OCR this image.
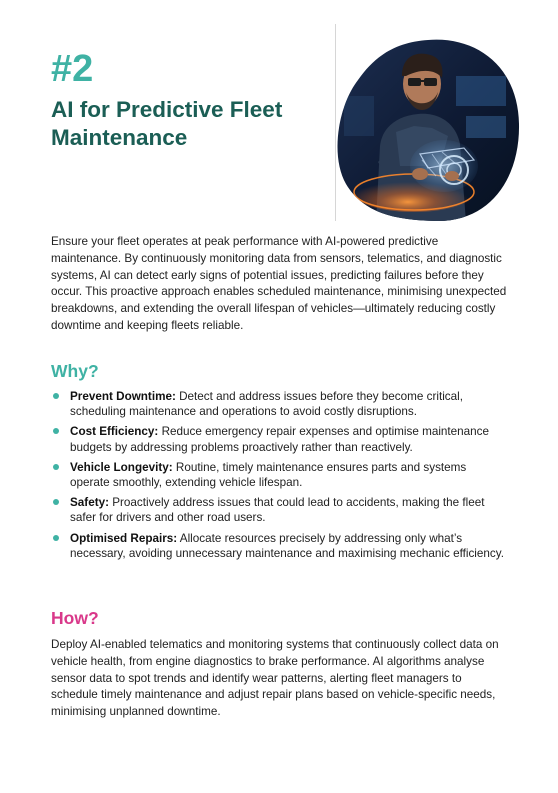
#2
AI for Predictive Fleet Maintenance

Ensure your fleet operates at peak performance with AI-powered predictive maintenance. By continuously monitoring data from sensors, telematics, and diagnostic systems, AI can detect early signs of potential issues, predicting failures before they occur. This proactive approach enables scheduled maintenance, minimising unexpected breakdowns, and extending the overall lifespan of vehicles—ultimately reducing costly downtime and keeping fleets reliable.

Why?
Prevent Downtime: Detect and address issues before they become critical, scheduling maintenance and operations to avoid costly disruptions.
Cost Efficiency: Reduce emergency repair expenses and optimise maintenance budgets by addressing problems proactively rather than reactively.
Vehicle Longevity: Routine, timely maintenance ensures parts and systems operate smoothly, extending vehicle lifespan.
Safety: Proactively address issues that could lead to accidents, making the fleet safer for drivers and other road users.
Optimised Repairs: Allocate resources precisely by addressing only what’s necessary, avoiding unnecessary maintenance and maximising mechanic efficiency.
How?

Deploy AI-enabled telematics and monitoring systems that continuously collect data on vehicle health, from engine diagnostics to brake performance. AI algorithms analyse sensor data to spot trends and identify wear patterns, alerting fleet managers to schedule timely maintenance and adjust repair plans based on vehicle-specific needs, minimising unplanned downtime.
